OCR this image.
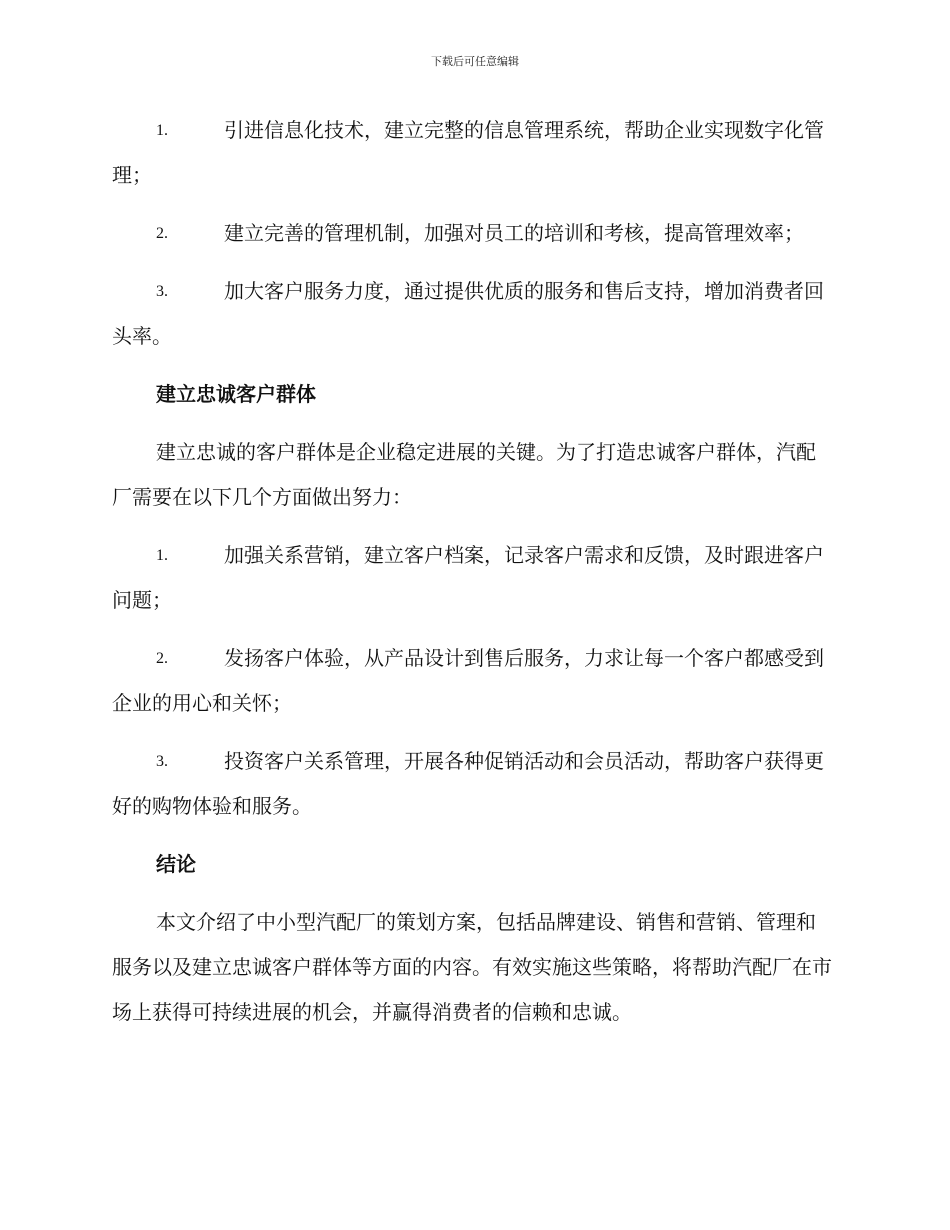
下载后可任意编辑
1.	引进信息化技术，建立完整的信息管理系统，帮助企业实现数字化管理；
2.	建立完善的管理机制，加强对员工的培训和考核，提高管理效率；
3.	加大客户服务力度，通过提供优质的服务和售后支持，增加消费者回头率。
建立忠诚客户群体
建立忠诚的客户群体是企业稳定进展的关键。为了打造忠诚客户群体，汽配厂需要在以下几个方面做出努力：
1.	加强关系营销，建立客户档案，记录客户需求和反馈，及时跟进客户问题；
2.	发扬客户体验，从产品设计到售后服务，力求让每一个客户都感受到企业的用心和关怀；
3.	投资客户关系管理，开展各种促销活动和会员活动，帮助客户获得更好的购物体验和服务。
结论
本文介绍了中小型汽配厂的策划方案，包括品牌建设、销售和营销、管理和服务以及建立忠诚客户群体等方面的内容。有效实施这些策略，将帮助汽配厂在市场上获得可持续进展的机会，并赢得消费者的信赖和忠诚。
